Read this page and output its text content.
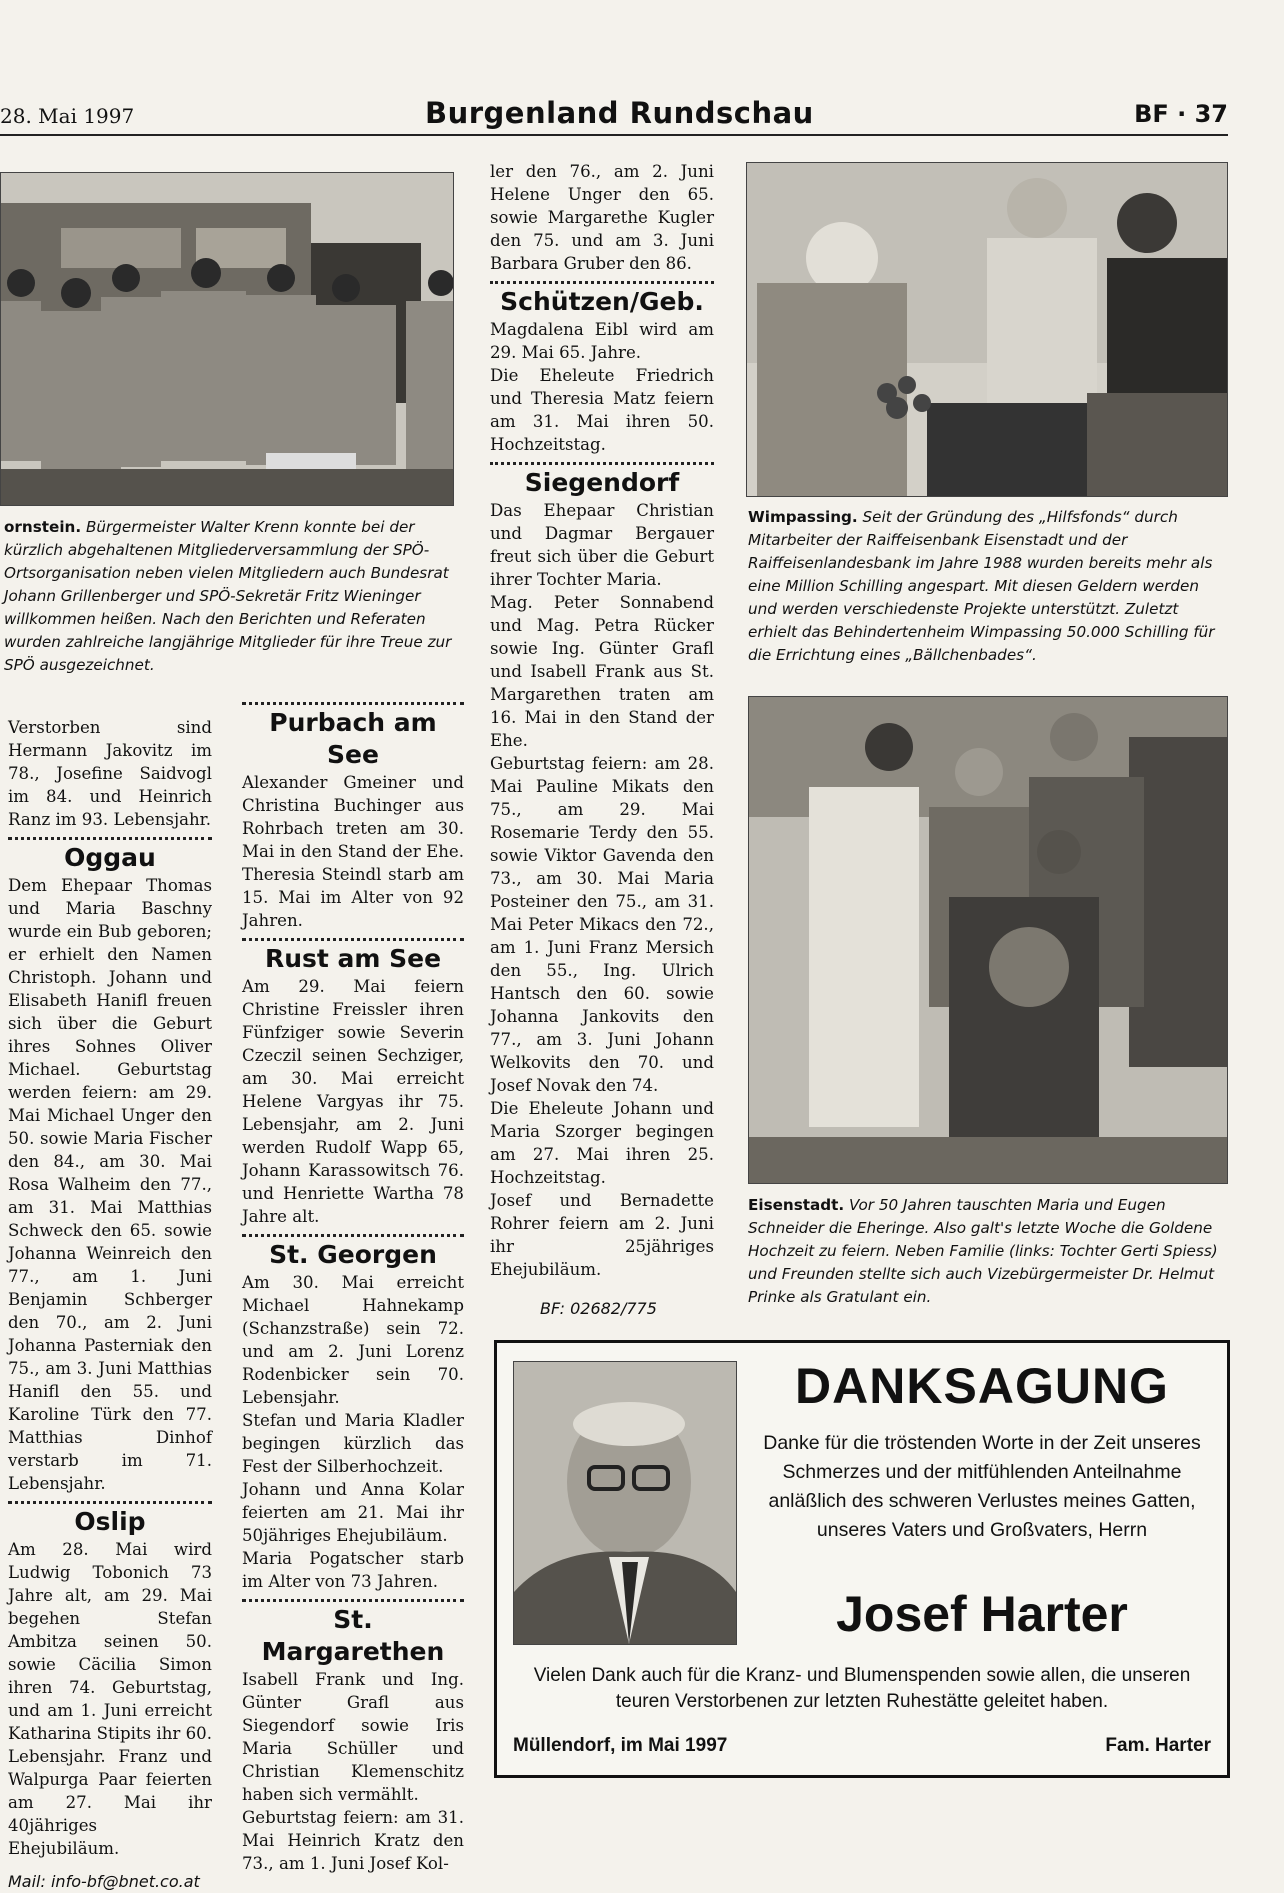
28. Mai 1997	Burgenland Rundschau	BF · 37
ornstein. Bürgermeister Walter Krenn konnte bei der kürzlich abgehaltenen Mitgliederversammlung der SPÖ-Ortsorganisation neben vielen Mitgliedern auch Bundesrat Johann Grillenberger und SPÖ-Sekretär Fritz Wieninger willkommen heißen. Nach den Berichten und Referaten wurden zahlreiche langjährige Mitglieder für ihre Treue zur SPÖ ausgezeichnet.

Verstorben sind Hermann Jakovitz im 78., Josefine Saidvogl im 84. und Heinrich Ranz im 93. Lebensjahr.

Oggau

Dem Ehepaar Thomas und Maria Baschny wurde ein Bub geboren; er erhielt den Namen Christoph. Johann und Elisabeth Hanifl freuen sich über die Geburt ihres Sohnes Oliver Michael. Geburtstag werden feiern: am 29. Mai Michael Unger den 50. sowie Maria Fischer den 84., am 30. Mai Rosa Walheim den 77., am 31. Mai Matthias Schweck den 65. sowie Johanna Weinreich den 77., am 1. Juni Benjamin Schberger den 70., am 2. Juni Johanna Pasterniak den 75., am 3. Juni Matthias Hanifl den 55. und Karoline Türk den 77. Matthias Dinhof verstarb im 71. Lebensjahr.

Oslip

Am 28. Mai wird Ludwig Tobonich 73 Jahre alt, am 29. Mai begehen Stefan Ambitza seinen 50. sowie Cäcilia Simon ihren 74. Geburtstag, und am 1. Juni erreicht Katharina Stipits ihr 60. Lebensjahr. Franz und Walpurga Paar feierten am 27. Mai ihr 40jähriges Ehejubiläum.

Mail: info-bf@bnet.co.at
Purbach am See

Alexander Gmeiner und Christina Buchinger aus Rohrbach treten am 30. Mai in den Stand der Ehe. Theresia Steindl starb am 15. Mai im Alter von 92 Jahren.

Rust am See

Am 29. Mai feiern Christine Freissler ihren Fünfziger sowie Severin Czeczil seinen Sechziger, am 30. Mai erreicht Helene Vargyas ihr 75. Lebensjahr, am 2. Juni werden Rudolf Wapp 65, Johann Karassowitsch 76. und Henriette Wartha 78 Jahre alt.

St. Georgen

Am 30. Mai erreicht Michael Hahnekamp (Schanzstraße) sein 72. und am 2. Juni Lorenz Rodenbicker sein 70. Lebensjahr.

Stefan und Maria Kladler begingen kürzlich das Fest der Silberhochzeit.

Johann und Anna Kolar feierten am 21. Mai ihr 50jähriges Ehejubiläum.

Maria Pogatscher starb im Alter von 73 Jahren.

St. Margarethen

Isabell Frank und Ing. Günter Grafl aus Siegendorf sowie Iris Maria Schüller und Christian Klemenschitz haben sich vermählt.

Geburtstag feiern: am 31. Mai Heinrich Kratz den 73., am 1. Juni Josef Kol-

ler den 76., am 2. Juni Helene Unger den 65. sowie Margarethe Kugler den 75. und am 3. Juni Barbara Gruber den 86.

Schützen/Geb.

Magdalena Eibl wird am 29. Mai 65. Jahre.

Die Eheleute Friedrich und Theresia Matz feiern am 31. Mai ihren 50. Hochzeitstag.

Siegendorf

Das Ehepaar Christian und Dagmar Bergauer freut sich über die Geburt ihrer Tochter Maria.

Mag. Peter Sonnabend und Mag. Petra Rücker sowie Ing. Günter Grafl und Isabell Frank aus St. Margarethen traten am 16. Mai in den Stand der Ehe.

Geburtstag feiern: am 28. Mai Pauline Mikats den 75., am 29. Mai Rosemarie Terdy den 55. sowie Viktor Gavenda den 73., am 30. Mai Maria Posteiner den 75., am 31. Mai Peter Mikacs den 72., am 1. Juni Franz Mersich den 55., Ing. Ulrich Hantsch den 60. sowie Johanna Jankovits den 77., am 3. Juni Johann Welkovits den 70. und Josef Novak den 74.

Die Eheleute Johann und Maria Szorger begingen am 27. Mai ihren 25. Hochzeitstag.

Josef und Bernadette Rohrer feiern am 2. Juni ihr 25jähriges Ehejubiläum.

BF: 02682/775
Wimpassing. Seit der Gründung des „Hilfsfonds“ durch Mitarbeiter der Raiffeisenbank Eisenstadt und der Raiffeisenlandesbank im Jahre 1988 wurden bereits mehr als eine Million Schilling angespart. Mit diesen Geldern werden und werden verschiedenste Projekte unterstützt. Zuletzt erhielt das Behindertenheim Wimpassing 50.000 Schilling für die Errichtung eines „Bällchenbades“.
Eisenstadt. Vor 50 Jahren tauschten Maria und Eugen Schneider die Eheringe. Also galt's letzte Woche die Goldene Hochzeit zu feiern. Neben Familie (links: Tochter Gerti Spiess) und Freunden stellte sich auch Vizebürgermeister Dr. Helmut Prinke als Gratulant ein.
DANKSAGUNG
Danke für die tröstenden Worte in der Zeit unseres Schmerzes und der mitfühlenden Anteilnahme anläßlich des schweren Verlustes meines Gatten, unseres Vaters und Großvaters, Herrn
Josef Harter
Vielen Dank auch für die Kranz- und Blumenspenden sowie allen, die unseren teuren Verstorbenen zur letzten Ruhestätte geleitet haben.
Müllendorf, im Mai 1997	Fam. Harter
